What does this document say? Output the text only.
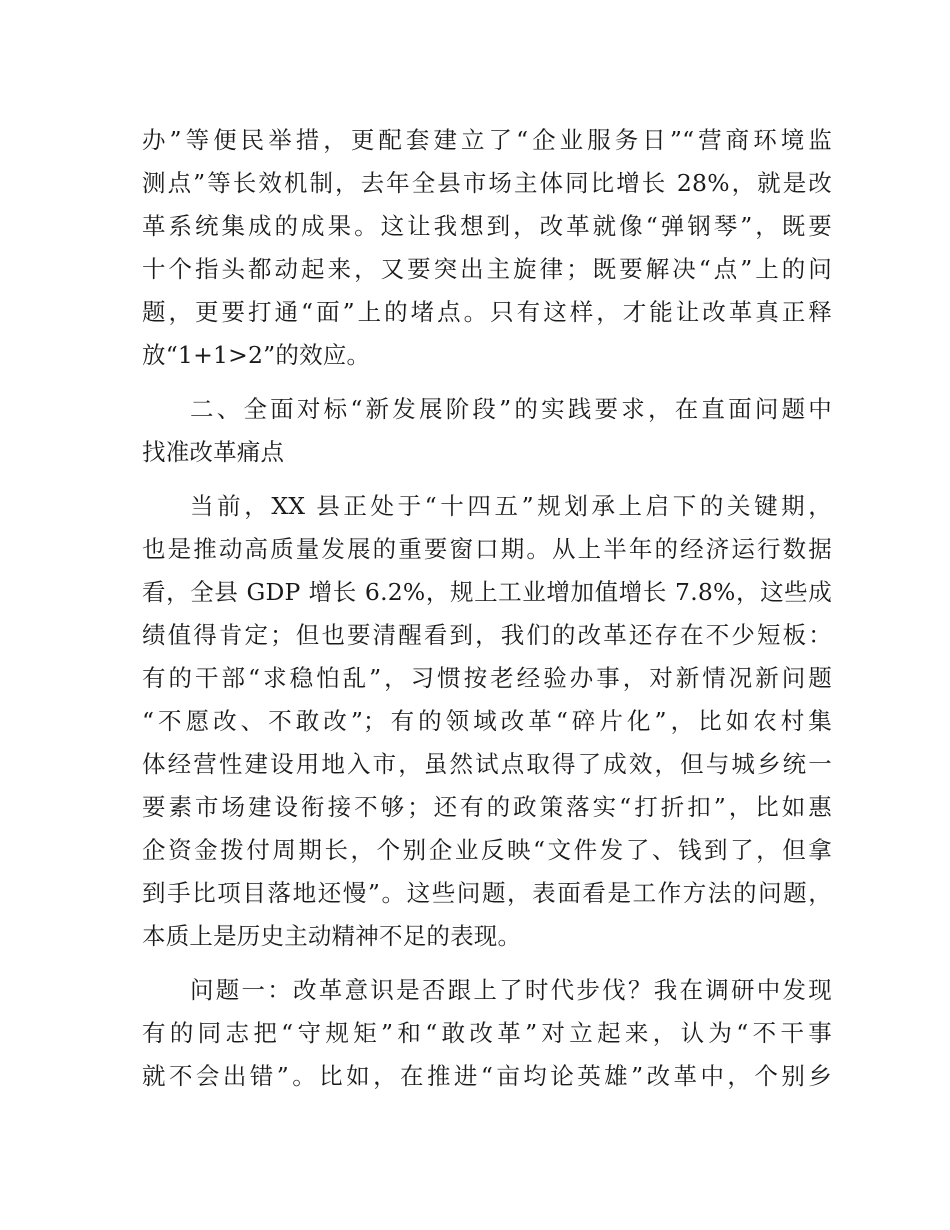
办”等便民举措，更配套建立了“企业服务日”“营商环境监
测点”等长效机制，去年全县市场主体同比增长 28%，就是改
革系统集成的成果。这让我想到，改革就像“弹钢琴”，既要
十个指头都动起来，又要突出主旋律；既要解决“点”上的问
题，更要打通“面”上的堵点。只有这样，才能让改革真正释
放“1+1>2”的效应。
二、全面对标“新发展阶段”的实践要求，在直面问题中
找准改革痛点
当前，XX 县正处于“十四五”规划承上启下的关键期，
也是推动高质量发展的重要窗口期。从上半年的经济运行数据
看，全县 GDP 增长 6.2%，规上工业增加值增长 7.8%，这些成
绩值得肯定；但也要清醒看到，我们的改革还存在不少短板：
有的干部“求稳怕乱”，习惯按老经验办事，对新情况新问题
“不愿改、不敢改”；有的领域改革“碎片化”，比如农村集
体经营性建设用地入市，虽然试点取得了成效，但与城乡统一
要素市场建设衔接不够；还有的政策落实“打折扣”，比如惠
企资金拨付周期长，个别企业反映“文件发了、钱到了，但拿
到手比项目落地还慢”。这些问题，表面看是工作方法的问题，
本质上是历史主动精神不足的表现。
问题一：改革意识是否跟上了时代步伐？我在调研中发现
有的同志把“守规矩”和“敢改革”对立起来，认为“不干事
就不会出错”。比如，在推进“亩均论英雄”改革中，个别乡
